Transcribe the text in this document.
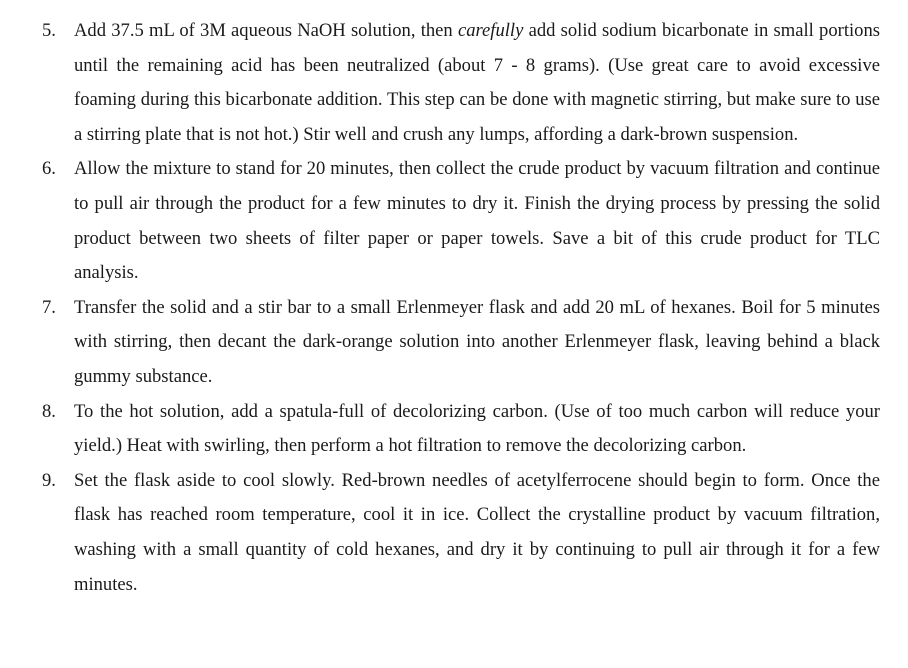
5. Add 37.5 mL of 3M aqueous NaOH solution, then carefully add solid sodium bicarbonate in small portions until the remaining acid has been neutralized (about 7 - 8 grams). (Use great care to avoid excessive foaming during this bicarbonate addition. This step can be done with magnetic stirring, but make sure to use a stirring plate that is not hot.) Stir well and crush any lumps, affording a dark-brown suspension.
6. Allow the mixture to stand for 20 minutes, then collect the crude product by vacuum filtration and continue to pull air through the product for a few minutes to dry it. Finish the drying process by pressing the solid product between two sheets of filter paper or paper towels. Save a bit of this crude product for TLC analysis.
7. Transfer the solid and a stir bar to a small Erlenmeyer flask and add 20 mL of hexanes. Boil for 5 minutes with stirring, then decant the dark-orange solution into another Erlenmeyer flask, leaving behind a black gummy substance.
8. To the hot solution, add a spatula-full of decolorizing carbon. (Use of too much carbon will reduce your yield.) Heat with swirling, then perform a hot filtration to remove the decolorizing carbon.
9. Set the flask aside to cool slowly. Red-brown needles of acetylferrocene should begin to form. Once the flask has reached room temperature, cool it in ice. Collect the crystalline product by vacuum filtration, washing with a small quantity of cold hexanes, and dry it by continuing to pull air through it for a few minutes.
